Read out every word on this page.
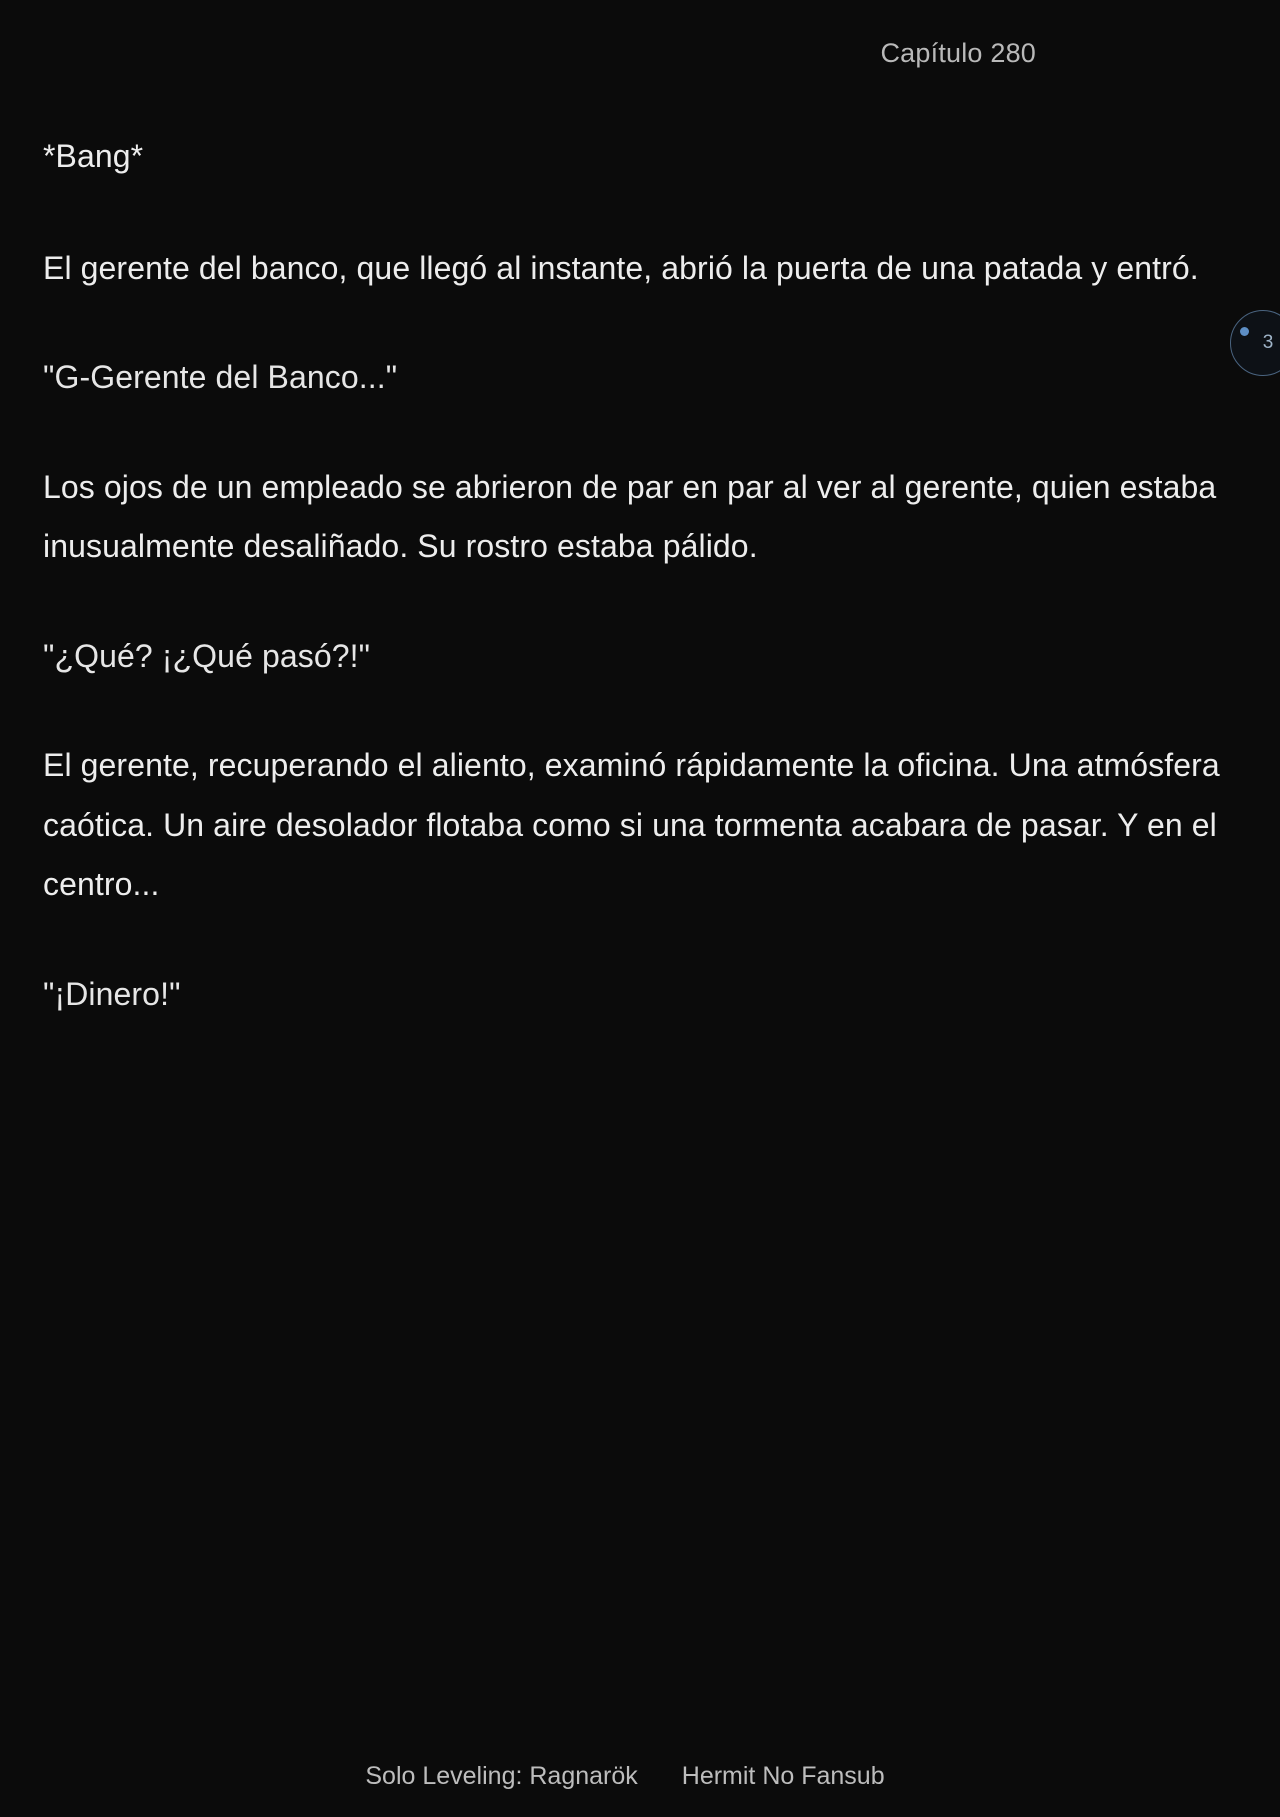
Capítulo 280

*Bang*

El gerente del banco, que llegó al instante, abrió la puerta de una patada y entró.

"G-Gerente del Banco..."

Los ojos de un empleado se abrieron de par en par al ver al gerente, quien estaba inusualmente desaliñado. Su rostro estaba pálido.

"¿Qué? ¡¿Qué pasó?!"

El gerente, recuperando el aliento, examinó rápidamente la oficina. Una atmósfera caótica. Un aire desolador flotaba como si una tormenta acabara de pasar. Y en el centro...

"¡Dinero!"

3
Solo Leveling: Ragnarök Hermit No Fansub
